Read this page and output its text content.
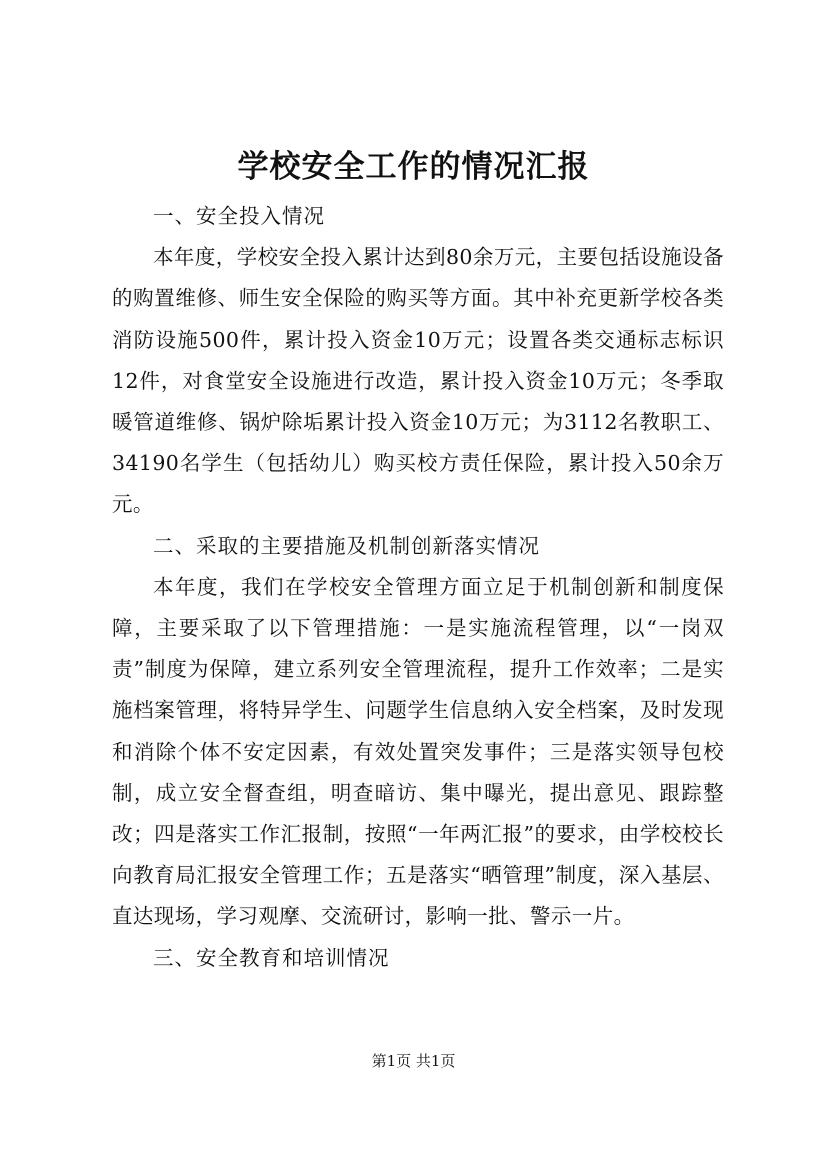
学校安全工作的情况汇报

一、安全投入情况

本年度，学校安全投入累计达到80余万元，主要包括设施设备的购置维修、师生安全保险的购买等方面。其中补充更新学校各类消防设施500件，累计投入资金10万元；设置各类交通标志标识12件，对食堂安全设施进行改造，累计投入资金10万元；冬季取暖管道维修、锅炉除垢累计投入资金10万元；为3112名教职工、34190名学生（包括幼儿）购买校方责任保险，累计投入50余万元。

二、采取的主要措施及机制创新落实情况

本年度，我们在学校安全管理方面立足于机制创新和制度保障，主要采取了以下管理措施：一是实施流程管理，以“一岗双责”制度为保障，建立系列安全管理流程，提升工作效率；二是实施档案管理，将特异学生、问题学生信息纳入安全档案，及时发现和消除个体不安定因素，有效处置突发事件；三是落实领导包校制，成立安全督查组，明查暗访、集中曝光，提出意见、跟踪整改；四是落实工作汇报制，按照“一年两汇报”的要求，由学校校长向教育局汇报安全管理工作；五是落实“晒管理”制度，深入基层、直达现场，学习观摩、交流研讨，影响一批、警示一片。

三、安全教育和培训情况

第1页 共1页
